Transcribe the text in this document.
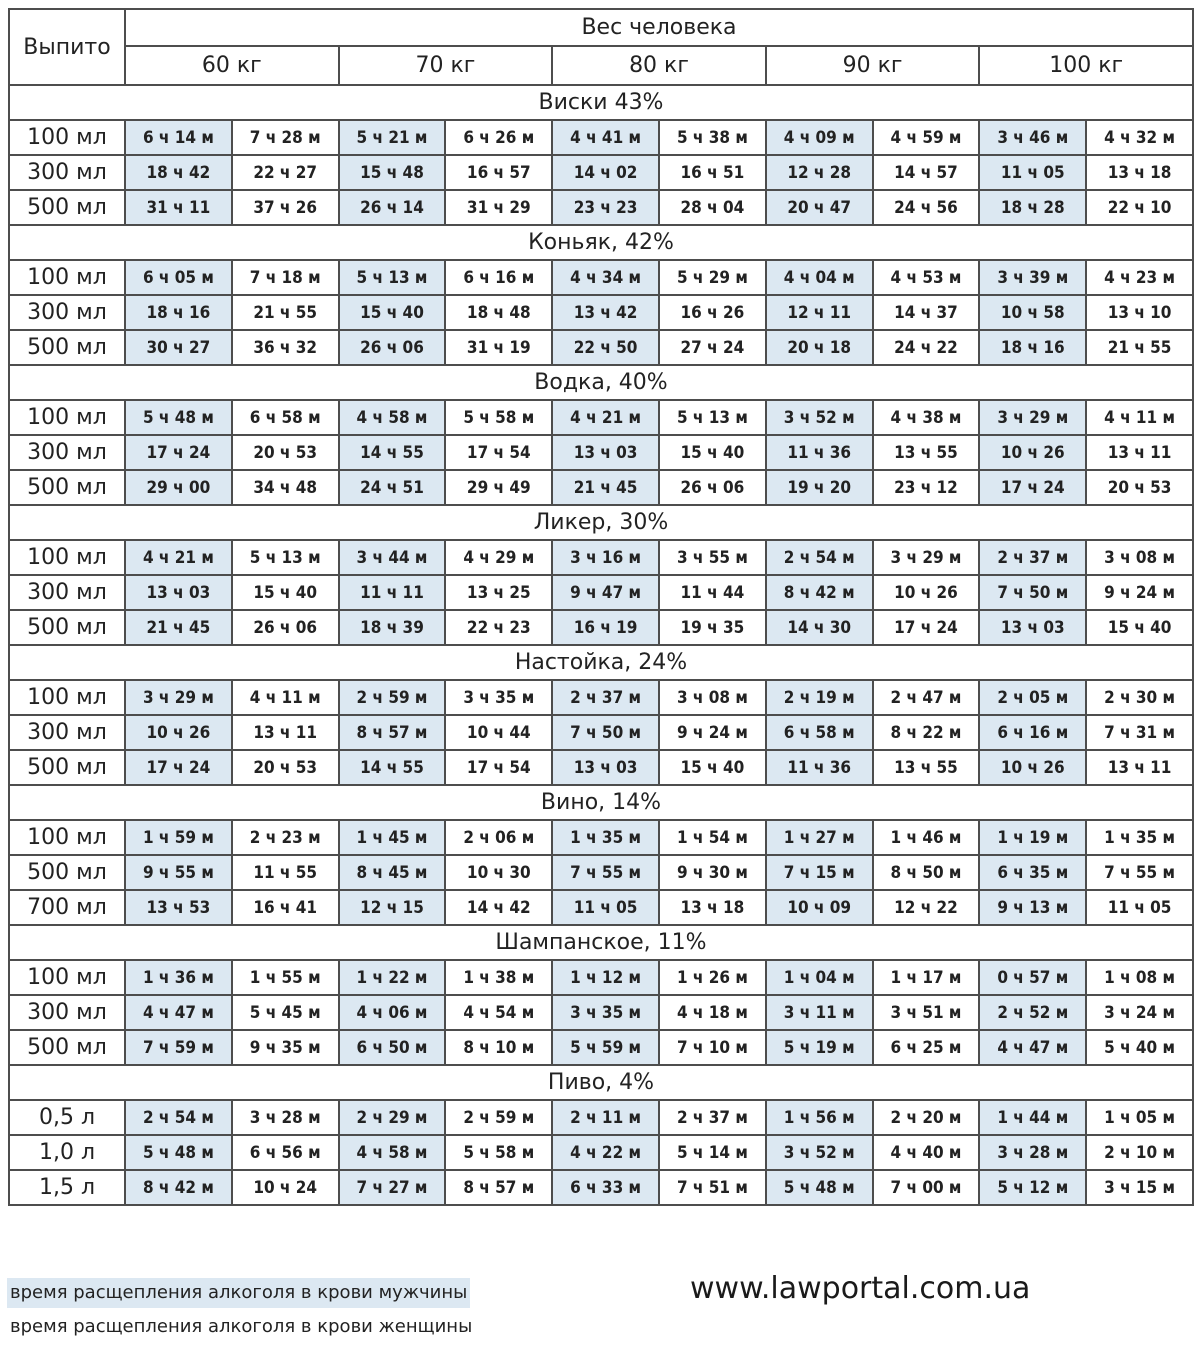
Выпито	Вес человека									
	60 кг		70 кг		80 кг		90 кг		100 кг	
Виски 43%										
100 мл	6 ч 14 м	7 ч 28 м	5 ч 21 м	6 ч 26 м	4 ч 41 м	5 ч 38 м	4 ч 09 м	4 ч 59 м	3 ч 46 м	4 ч 32 м
300 мл	18 ч 42	22 ч 27	15 ч 48	16 ч 57	14 ч 02	16 ч 51	12 ч 28	14 ч 57	11 ч 05	13 ч 18
500 мл	31 ч 11	37 ч 26	26 ч 14	31 ч 29	23 ч 23	28 ч 04	20 ч 47	24 ч 56	18 ч 28	22 ч 10
Коньяк, 42%										
100 мл	6 ч 05 м	7 ч 18 м	5 ч 13 м	6 ч 16 м	4 ч 34 м	5 ч 29 м	4 ч 04 м	4 ч 53 м	3 ч 39 м	4 ч 23 м
300 мл	18 ч 16	21 ч 55	15 ч 40	18 ч 48	13 ч 42	16 ч 26	12 ч 11	14 ч 37	10 ч 58	13 ч 10
500 мл	30 ч 27	36 ч 32	26 ч 06	31 ч 19	22 ч 50	27 ч 24	20 ч 18	24 ч 22	18 ч 16	21 ч 55
Водка, 40%										
100 мл	5 ч 48 м	6 ч 58 м	4 ч 58 м	5 ч 58 м	4 ч 21 м	5 ч 13 м	3 ч 52 м	4 ч 38 м	3 ч 29 м	4 ч 11 м
300 мл	17 ч 24	20 ч 53	14 ч 55	17 ч 54	13 ч 03	15 ч 40	11 ч 36	13 ч 55	10 ч 26	13 ч 11
500 мл	29 ч 00	34 ч 48	24 ч 51	29 ч 49	21 ч 45	26 ч 06	19 ч 20	23 ч 12	17 ч 24	20 ч 53
Ликер, 30%										
100 мл	4 ч 21 м	5 ч 13 м	3 ч 44 м	4 ч 29 м	3 ч 16 м	3 ч 55 м	2 ч 54 м	3 ч 29 м	2 ч 37 м	3 ч 08 м
300 мл	13 ч 03	15 ч 40	11 ч 11	13 ч 25	9 ч 47 м	11 ч 44	8 ч 42 м	10 ч 26	7 ч 50 м	9 ч 24 м
500 мл	21 ч 45	26 ч 06	18 ч 39	22 ч 23	16 ч 19	19 ч 35	14 ч 30	17 ч 24	13 ч 03	15 ч 40
Настойка, 24%										
100 мл	3 ч 29 м	4 ч 11 м	2 ч 59 м	3 ч 35 м	2 ч 37 м	3 ч 08 м	2 ч 19 м	2 ч 47 м	2 ч 05 м	2 ч 30 м
300 мл	10 ч 26	13 ч 11	8 ч 57 м	10 ч 44	7 ч 50 м	9 ч 24 м	6 ч 58 м	8 ч 22 м	6 ч 16 м	7 ч 31 м
500 мл	17 ч 24	20 ч 53	14 ч 55	17 ч 54	13 ч 03	15 ч 40	11 ч 36	13 ч 55	10 ч 26	13 ч 11
Вино, 14%										
100 мл	1 ч 59 м	2 ч 23 м	1 ч 45 м	2 ч 06 м	1 ч 35 м	1 ч 54 м	1 ч 27 м	1 ч 46 м	1 ч 19 м	1 ч 35 м
500 мл	9 ч 55 м	11 ч 55	8 ч 45 м	10 ч 30	7 ч 55 м	9 ч 30 м	7 ч 15 м	8 ч 50 м	6 ч 35 м	7 ч 55 м
700 мл	13 ч 53	16 ч 41	12 ч 15	14 ч 42	11 ч 05	13 ч 18	10 ч 09	12 ч 22	9 ч 13 м	11 ч 05
Шампанское, 11%										
100 мл	1 ч 36 м	1 ч 55 м	1 ч 22 м	1 ч 38 м	1 ч 12 м	1 ч 26 м	1 ч 04 м	1 ч 17 м	0 ч 57 м	1 ч 08 м
300 мл	4 ч 47 м	5 ч 45 м	4 ч 06 м	4 ч 54 м	3 ч 35 м	4 ч 18 м	3 ч 11 м	3 ч 51 м	2 ч 52 м	3 ч 24 м
500 мл	7 ч 59 м	9 ч 35 м	6 ч 50 м	8 ч 10 м	5 ч 59 м	7 ч 10 м	5 ч 19 м	6 ч 25 м	4 ч 47 м	5 ч 40 м
Пиво, 4%										
0,5 л	2 ч 54 м	3 ч 28 м	2 ч 29 м	2 ч 59 м	2 ч 11 м	2 ч 37 м	1 ч 56 м	2 ч 20 м	1 ч 44 м	1 ч 05 м
1,0 л	5 ч 48 м	6 ч 56 м	4 ч 58 м	5 ч 58 м	4 ч 22 м	5 ч 14 м	3 ч 52 м	4 ч 40 м	3 ч 28 м	2 ч 10 м
1,5 л	8 ч 42 м	10 ч 24	7 ч 27 м	8 ч 57 м	6 ч 33 м	7 ч 51 м	5 ч 48 м	7 ч 00 м	5 ч 12 м	3 ч 15 м
время расщепления алкоголя в крови мужчины
время расщепления алкоголя в крови женщины
www.lawportal.com.ua
